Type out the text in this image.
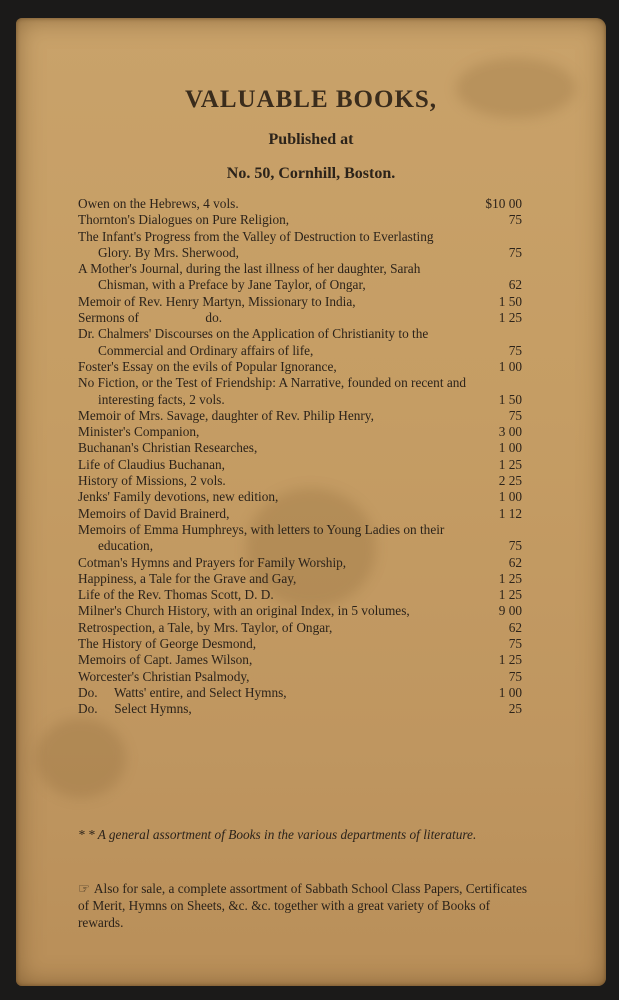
VALUABLE BOOKS,
Published at
No. 50, Cornhill, Boston.
Owen on the Hebrews, 4 vols.	$10 00
Thornton's Dialogues on Pure Religion,	75
The Infant's Progress from the Valley of Destruction to Everlasting Glory. By Mrs. Sherwood,	75
A Mother's Journal, during the last illness of her daughter, Sarah Chisman, with a Preface by Jane Taylor, of Ongar,	62
Memoir of Rev. Henry Martyn, Missionary to India,	1 50
Sermons of                    do.	1 25
Dr. Chalmers' Discourses on the Application of Christianity to the Commercial and Ordinary affairs of life,	75
Foster's Essay on the evils of Popular Ignorance,	1 00
No Fiction, or the Test of Friendship: A Narrative, founded on recent and interesting facts, 2 vols.	1 50
Memoir of Mrs. Savage, daughter of Rev. Philip Henry,	75
Minister's Companion,	3 00
Buchanan's Christian Researches,	1 00
Life of Claudius Buchanan,	1 25
History of Missions, 2 vols.	2 25
Jenks' Family devotions, new edition,	1 00
Memoirs of David Brainerd,	1 12
Memoirs of Emma Humphreys, with letters to Young Ladies on their education,	75
Cotman's Hymns and Prayers for Family Worship,	62
Happiness, a Tale for the Grave and Gay,	1 25
Life of the Rev. Thomas Scott, D. D.	1 25
Milner's Church History, with an original Index, in 5 volumes,	9 00
Retrospection, a Tale, by Mrs. Taylor, of Ongar,	62
The History of George Desmond,	75
Memoirs of Capt. James Wilson,	1 25
Worcester's Christian Psalmody,	75
Do.     Watts' entire, and Select Hymns,	1 00
Do.     Select Hymns,	25
* * A general assortment of Books in the various departments of literature.
☞ Also for sale, a complete assortment of Sabbath School Class Papers, Certificates of Merit, Hymns on Sheets, &c. &c. together with a great variety of Books of rewards.
